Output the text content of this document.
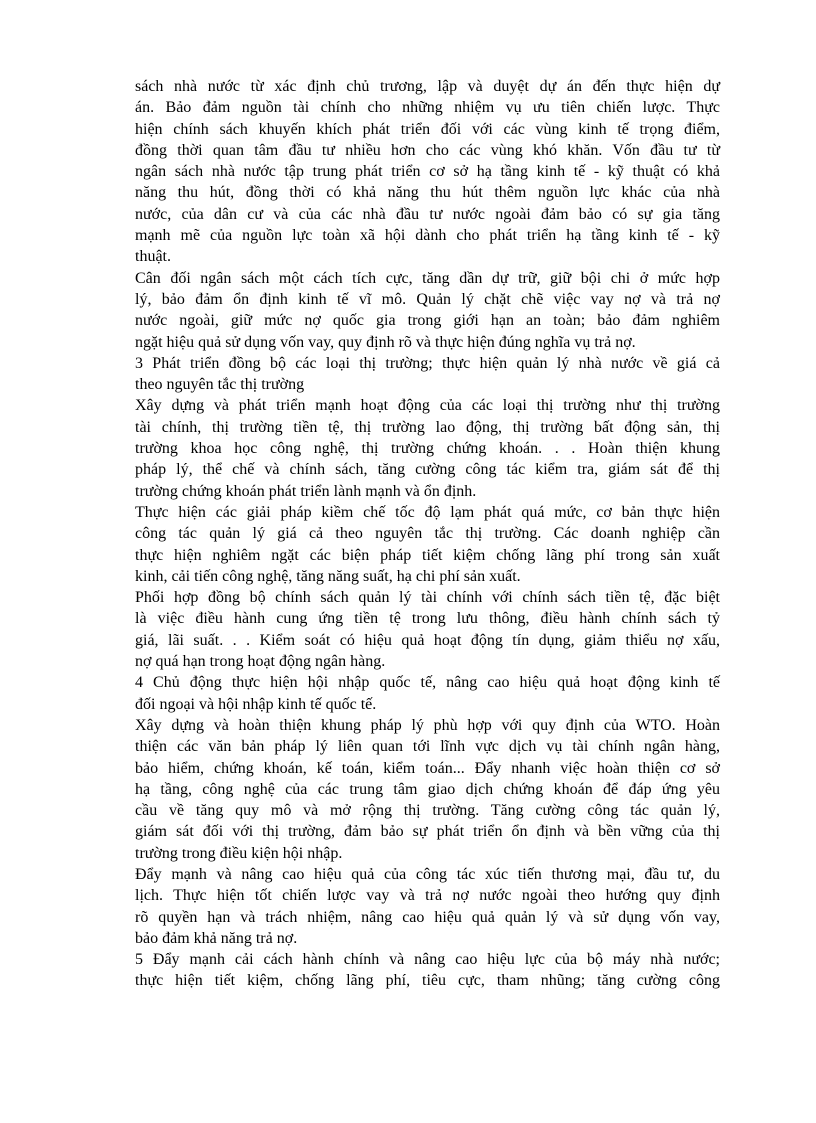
sách nhà nước từ xác định chủ trương, lập và duyệt dự án đến thực hiện dự
án. Bảo đảm nguồn tài chính cho những nhiệm vụ ưu tiên chiến lược. Thực
hiện chính sách khuyến khích phát triển đối với các vùng kinh tế trọng điểm,
đồng thời quan tâm đầu tư nhiều hơn cho các vùng khó khăn. Vốn đầu tư từ
ngân sách nhà nước tập trung phát triển cơ sở hạ tầng kinh tế - kỹ thuật có khả
năng thu hút, đồng thời có khả năng thu hút thêm nguồn lực khác của nhà
nước, của dân cư và của các nhà đầu tư nước ngoài đảm bảo có sự gia tăng
mạnh mẽ của nguồn lực toàn xã hội dành cho phát triển hạ tầng kinh tế - kỹ
thuật.
Cân đối ngân sách một cách tích cực, tăng dần dự trữ, giữ bội chi ở mức hợp
lý, bảo đảm ổn định kinh tế vĩ mô. Quản lý chặt chẽ việc vay nợ và trả nợ
nước ngoài, giữ mức nợ quốc gia trong giới hạn an toàn; bảo đảm nghiêm
ngặt hiệu quả sử dụng vốn vay, quy định rõ và thực hiện đúng nghĩa vụ trả nợ.
3 Phát triển đồng bộ các loại thị trường; thực hiện quản lý nhà nước về giá cả
theo nguyên tắc thị trường
Xây dựng và phát triển mạnh hoạt động của các loại thị trường như thị trường
tài chính, thị trường tiền tệ, thị trường lao động, thị trường bất động sản, thị
trường khoa học công nghệ, thị trường chứng khoán. . . Hoàn thiện khung
pháp lý, thể chế và chính sách, tăng cường công tác kiểm tra, giám sát để thị
trường chứng khoán phát triển lành mạnh và ổn định.
Thực hiện các giải pháp kiềm chế tốc độ lạm phát quá mức, cơ bản thực hiện
công tác quản lý giá cả theo nguyên tắc thị trường. Các doanh nghiệp cần
thực hiện nghiêm ngặt các biện pháp tiết kiệm chống lãng phí trong sản xuất
kinh, cải tiến công nghệ, tăng năng suất, hạ chi phí sản xuất.
Phối hợp đồng bộ chính sách quản lý tài chính với chính sách tiền tệ, đặc biệt
là việc điều hành cung ứng tiền tệ trong lưu thông, điều hành chính sách tỷ
giá, lãi suất. . . Kiểm soát có hiệu quả hoạt động tín dụng, giảm thiểu nợ xấu,
nợ quá hạn trong hoạt động ngân hàng.
4 Chủ động thực hiện hội nhập quốc tế, nâng cao hiệu quả hoạt động kinh tế
đối ngoại và hội nhập kinh tế quốc tế.
Xây dựng và hoàn thiện khung pháp lý phù hợp với quy định của WTO. Hoàn
thiện các văn bản pháp lý liên quan tới lĩnh vực dịch vụ tài chính ngân hàng,
bảo hiểm, chứng khoán, kế toán, kiểm toán... Đẩy nhanh việc hoàn thiện cơ sở
hạ tầng, công nghệ của các trung tâm giao dịch chứng khoán để đáp ứng yêu
cầu về tăng quy mô và mở rộng thị trường. Tăng cường công tác quản lý,
giám sát đối với thị trường, đảm bảo sự phát triển ổn định và bền vững của thị
trường trong điều kiện hội nhập.
Đẩy mạnh và nâng cao hiệu quả của công tác xúc tiến thương mại, đầu tư, du
lịch. Thực hiện tốt chiến lược vay và trả nợ nước ngoài theo hướng quy định
rõ quyền hạn và trách nhiệm, nâng cao hiệu quả quản lý và sử dụng vốn vay,
bảo đảm khả năng trả nợ.
5 Đẩy mạnh cải cách hành chính và nâng cao hiệu lực của bộ máy nhà nước;
thực hiện tiết kiệm, chống lãng phí, tiêu cực, tham nhũng; tăng cường công
